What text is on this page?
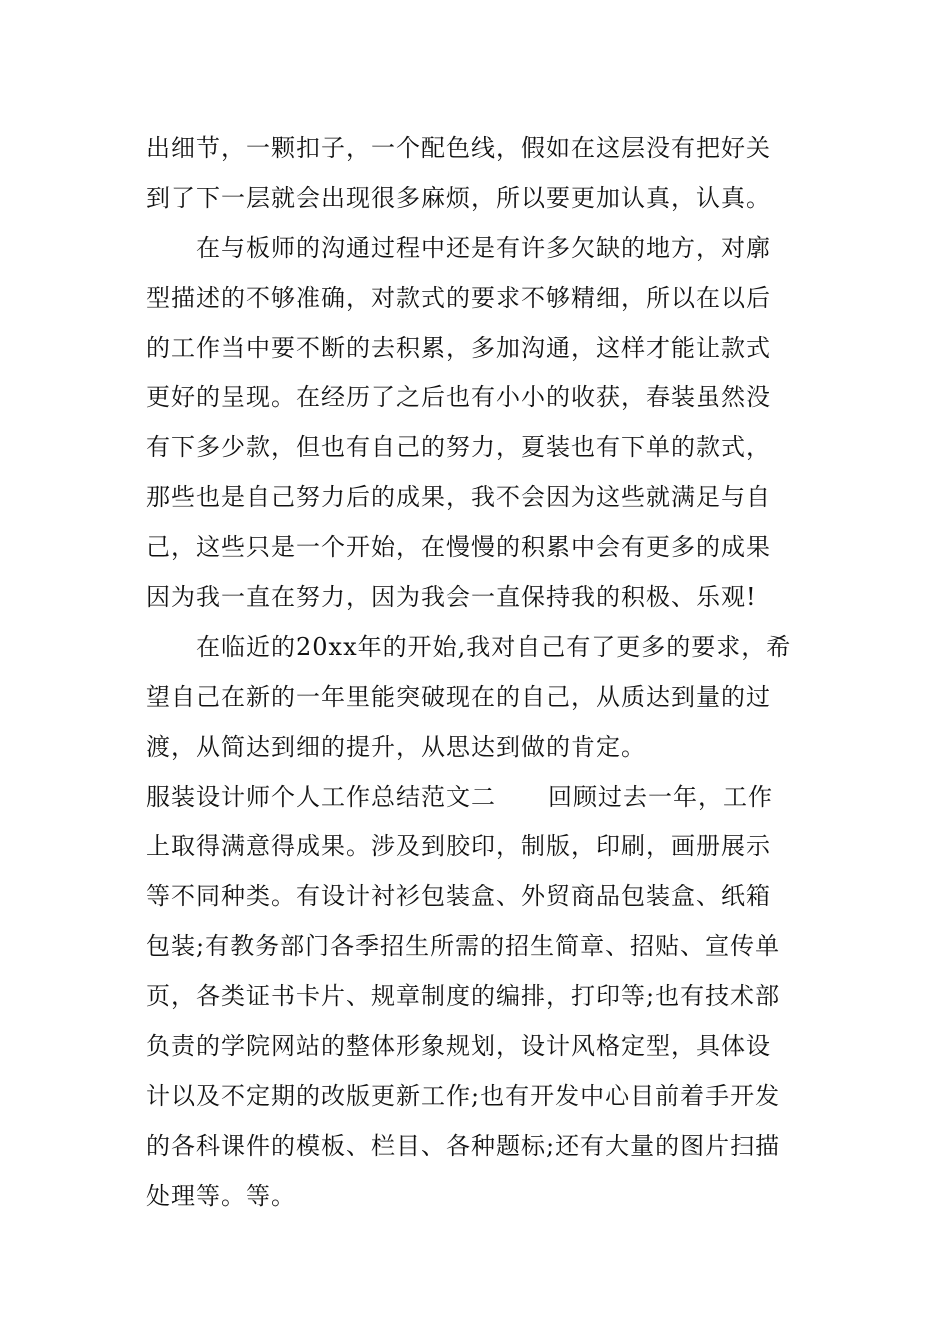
出细节，一颗扣子，一个配色线，假如在这层没有把好关
到了下一层就会出现很多麻烦，所以要更加认真，认真。
在与板师的沟通过程中还是有许多欠缺的地方，对廓
型描述的不够准确，对款式的要求不够精细，所以在以后
的工作当中要不断的去积累，多加沟通，这样才能让款式
更好的呈现。在经历了之后也有小小的收获，春装虽然没
有下多少款，但也有自己的努力，夏装也有下单的款式，
那些也是自己努力后的成果，我不会因为这些就满足与自
己，这些只是一个开始，在慢慢的积累中会有更多的成果
因为我一直在努力，因为我会一直保持我的积极、乐观!
在临近的20xx年的开始,我对自己有了更多的要求，希
望自己在新的一年里能突破现在的自己，从质达到量的过
渡，从简达到细的提升，从思达到做的肯定。
服装设计师个人工作总结范文二 回顾过去一年，工作
上取得满意得成果。涉及到胶印，制版，印刷，画册展示
等不同种类。有设计衬衫包装盒、外贸商品包装盒、纸箱
包装;有教务部门各季招生所需的招生简章、招贴、宣传单
页，各类证书卡片、规章制度的编排，打印等;也有技术部
负责的学院网站的整体形象规划，设计风格定型，具体设
计以及不定期的改版更新工作;也有开发中心目前着手开发
的各科课件的模板、栏目、各种题标;还有大量的图片扫描
处理等。等。
